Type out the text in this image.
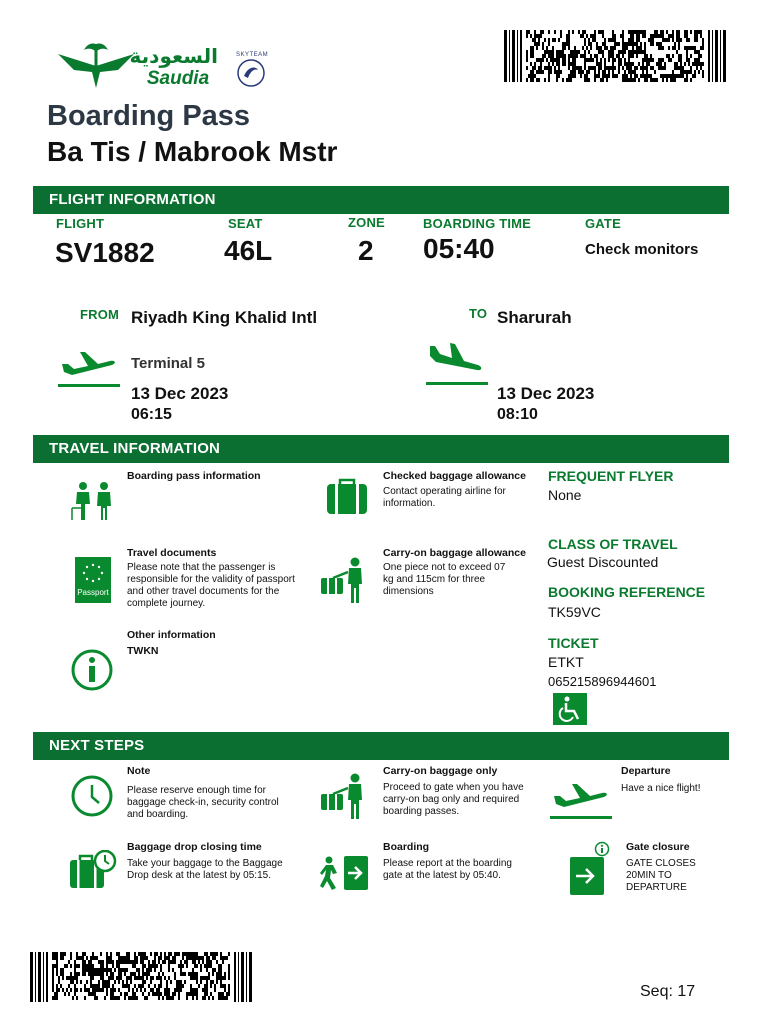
السعودية
Saudia
SKYTEAM
Boarding Pass
Ba Tis / Mabrook Mstr
FLIGHT INFORMATION
FLIGHT
SV1882
SEAT
46L
ZONE
2
BOARDING TIME
05:40
GATE
Check monitors
FROM Riyadh King Khalid Intl
Terminal 5
13 Dec 2023
06:15
TO Sharurah
13 Dec 2023
08:10
TRAVEL INFORMATION
Boarding pass information	Checked baggage allowance
Contact operating airline for information.
FREQUENT FLYER
None
CLASS OF TRAVEL
Guest Discounted
BOOKING REFERENCE
TK59VC
TICKET
ETKT
065215896944601
Passport
Travel documents
Please note that the passenger is responsible for the validity of passport and other travel documents for the complete journey.
Carry-on baggage allowance
One piece not to exceed 07 kg and 115cm for three dimensions
Other information
TWKN
NEXT STEPS
Note
Please reserve enough time for baggage check-in, security control and boarding.
Carry-on baggage only
Proceed to gate when you have carry-on bag only and required boarding passes.
Departure
Have a nice flight!
Baggage drop closing time
Take your baggage to the Baggage Drop desk at the latest by 05:15.
Boarding
Please report at the boarding gate at the latest by 05:40.
Gate closure
GATE CLOSES 20MIN TO DEPARTURE
Seq: 17
